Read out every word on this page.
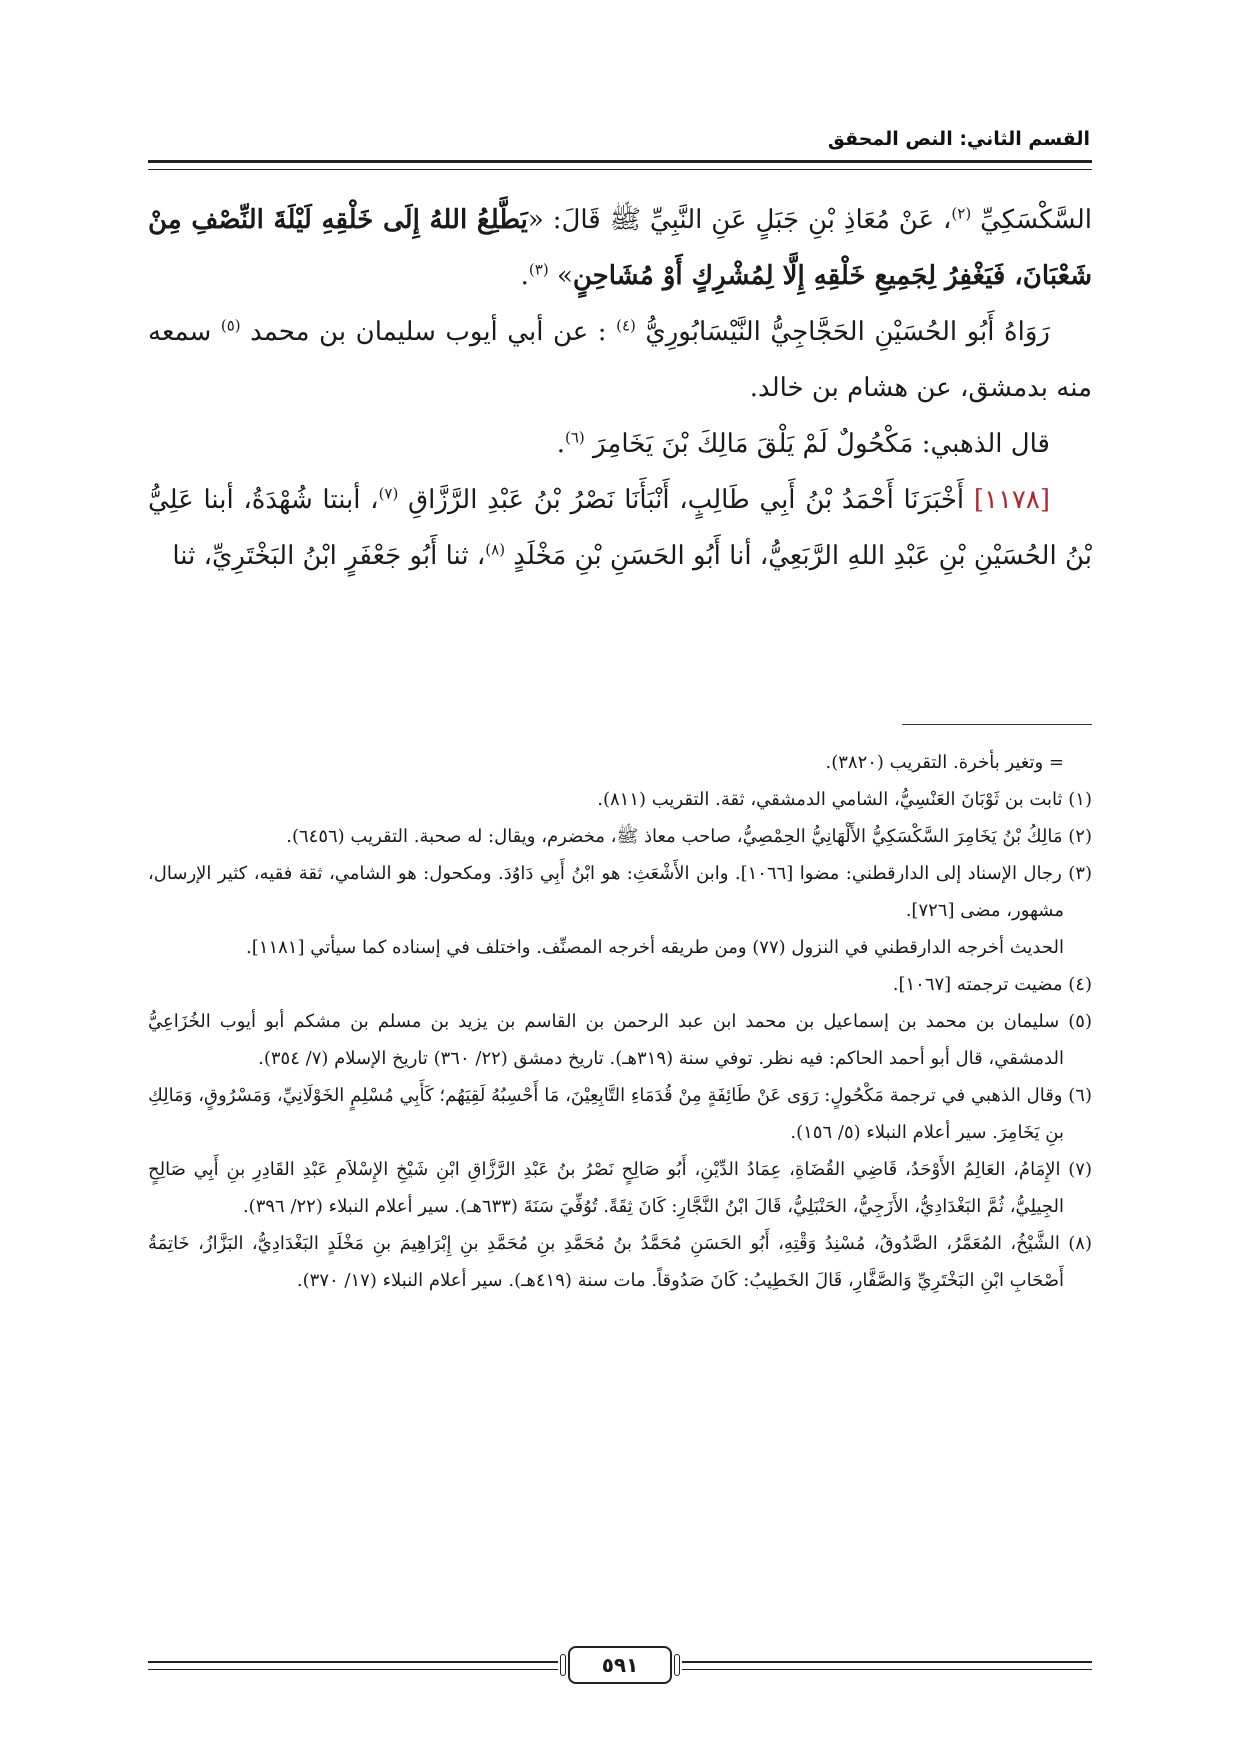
القسم الثاني: النص المحقق

السَّكْسَكِيِّ $^{(٢)}$، عَنْ مُعَاذِ بْنِ جَبَلٍ عَنِ النَّبِيِّ ﷺ قَالَ: «يَطَّلِعُ اللهُ إِلَى خَلْقِهِ لَيْلَةَ النِّصْفِ مِنْ شَعْبَانَ، فَيَغْفِرُ لِجَمِيعِ خَلْقِهِ إِلَّا لِمُشْرِكٍ أَوْ مُشَاحِنٍ» $^{(٣)}$.

رَوَاهُ أَبُو الحُسَيْنِ الحَجَّاجِيُّ النَّيْسَابُورِيُّ $^{(٤)}$ : عن أبي أيوب سليمان بن محمد $^{(٥)}$ سمعه منه بدمشق، عن هشام بن خالد.

قال الذهبي: مَكْحُولٌ لَمْ يَلْقَ مَالِكَ بْنَ يَخَامِرَ $^{(٦)}$.

[١١٧٨] أَخْبَرَنَا أَحْمَدُ بْنُ أَبِي طَالِبٍ، أَنْبَأَنَا نَصْرُ بْنُ عَبْدِ الرَّزَّاقِ $^{(٧)}$، أبنتا شُهْدَةُ، أبنا عَلِيُّ بْنُ الحُسَيْنِ بْنِ عَبْدِ اللهِ الرَّبَعِيُّ، أنا أَبُو الحَسَنِ بْنِ مَخْلَدٍ $^{(٨)}$، ثنا أَبُو جَعْفَرٍ ابْنُ البَخْتَرِيِّ، ثنا

= وتغير بأخرة. التقريب (٣٨٢٠).

(١) ثابت بن ثَوْبَانَ العَنْسِيُّ، الشامي الدمشقي، ثقة. التقريب (٨١١).

(٢) مَالِكُ بْنُ يَخَامِرَ السَّكْسَكِيُّ الأَلْهَانِيُّ الحِمْصِيُّ، صاحب معاذ ﷺ، مخضرم، ويقال: له صحبة. التقريب (٦٤٥٦).

(٣) رجال الإسناد إلى الدارقطني: مضوا [١٠٦٦]. وابن الأَشْعَثِ: هو ابْنُ أَبِي دَاوُدَ. ومكحول: هو الشامي، ثقة فقيه، كثير الإرسال، مشهور، مضى [٧٢٦].

الحديث أخرجه الدارقطني في النزول (٧٧) ومن طريقه أخرجه المصنِّف. واختلف في إسناده كما سيأتي [١١٨١].

(٤) مضيت ترجمته [١٠٦٧].

(٥) سليمان بن محمد بن إسماعيل بن محمد ابن عبد الرحمن بن القاسم بن يزيد بن مسلم بن مشكم أبو أيوب الخُزَاعِيُّ الدمشقي، قال أبو أحمد الحاكم: فيه نظر. توفي سنة (٣١٩هـ). تاريخ دمشق (٢٢/ ٣٦٠) تاريخ الإسلام (٧/ ٣٥٤).

(٦) وقال الذهبي في ترجمة مَكْحُولٍ: رَوَى عَنْ طَائِفَةٍ مِنْ قُدَمَاءِ التَّابِعِيْنَ، مَا أَحْسِبُهُ لَقِيَهُم؛ كَأَبِي مُسْلِمٍ الخَوْلَانِيِّ، وَمَسْرُوقٍ، وَمَالِكِ بنِ يَخَامِرَ. سير أعلام النبلاء (٥/ ١٥٦).

(٧) الإِمَامُ، العَالِمُ الأَوْحَدُ، قَاضِي القُضَاةِ، عِمَادُ الدِّيْنِ، أَبُو صَالِحٍ نَصْرُ بنُ عَبْدِ الرَّزَّاقِ ابْنِ شَيْخِ الإِسْلاَمِ عَبْدِ القَادِرِ بنِ أَبِي صَالِحٍ الجِيلِيُّ، ثُمَّ البَغْدَادِيُّ، الأَزَجِيُّ، الحَنْبَلِيُّ، قَالَ ابْنُ النَّجَّارِ: كَانَ ثِقَةً. تُوُفِّيَ سَنَةَ (٦٣٣هـ). سير أعلام النبلاء (٢٢/ ٣٩٦).

(٨) الشَّيْخُ، المُعَمَّرُ، الصَّدُوقُ، مُسْنِدُ وَقْتِهِ، أَبُو الحَسَنِ مُحَمَّدُ بنُ مُحَمَّدِ بنِ مُحَمَّدِ بنِ إِبْرَاهِيمَ بنِ مَخْلَدٍ البَغْدَادِيُّ، البَزَّازُ، خَاتِمَةُ أَصْحَابِ ابْنِ البَخْتَرِيِّ وَالصَّفَّارِ، قَالَ الخَطِيبُ: كَانَ صَدُوقاً. مات سنة (٤١٩هـ). سير أعلام النبلاء (١٧/ ٣٧٠).

٥٩١
